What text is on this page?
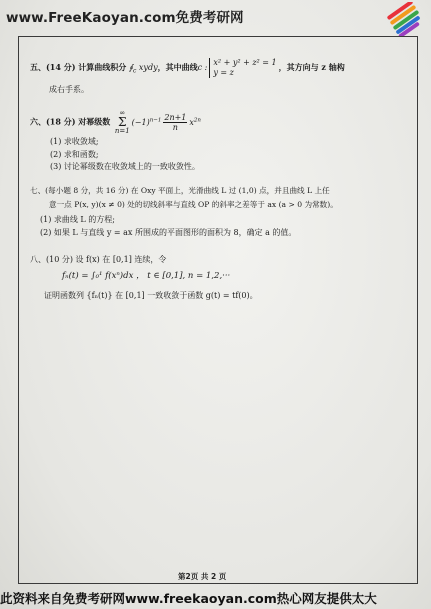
www.FreeKaoyan.com免费考研网
五、(14 分) 计算曲线积分 $∮_c$ xydy，其中曲线c :
x² + y² + z² = 1
y = z
，其方向与 z 轴构
成右手系。
六、(18 分) 对幂级数 ∞
Σ
$n=1(-1)^{n-1} \frac{2n+1}{n} x^{2n}$
(1) 求收敛域;
(2) 求和函数;
(3) 讨论幂级数在收敛域上的一致收敛性。
七、(每小题 8 分，共 16 分) 在 Oxy 平面上，光滑曲线 L 过 (1,0) 点，并且曲线 L 上任
意一点 P(x, y)(x ≠ 0) 处的切线斜率与直线 OP 的斜率之差等于 ax (a > 0 为常数)。
(1) 求曲线 L 的方程;
(2) 如果 L 与直线 y = ax 所围成的平面图形的面积为 8，确定 a 的值。
八、(10 分) 设 f(x) 在 [0,1] 连续，令
fₙ(t) = ∫₀¹ f(xⁿ)dx ， t ∈ [0,1], n = 1,2,···
证明函数列 {fₙ(t)} 在 [0,1] 一致收敛于函数 g(t) = tf(0)。
第2页 共 2 页
此资料来自免费考研网www.freekaoyan.com热心网友提供太大
